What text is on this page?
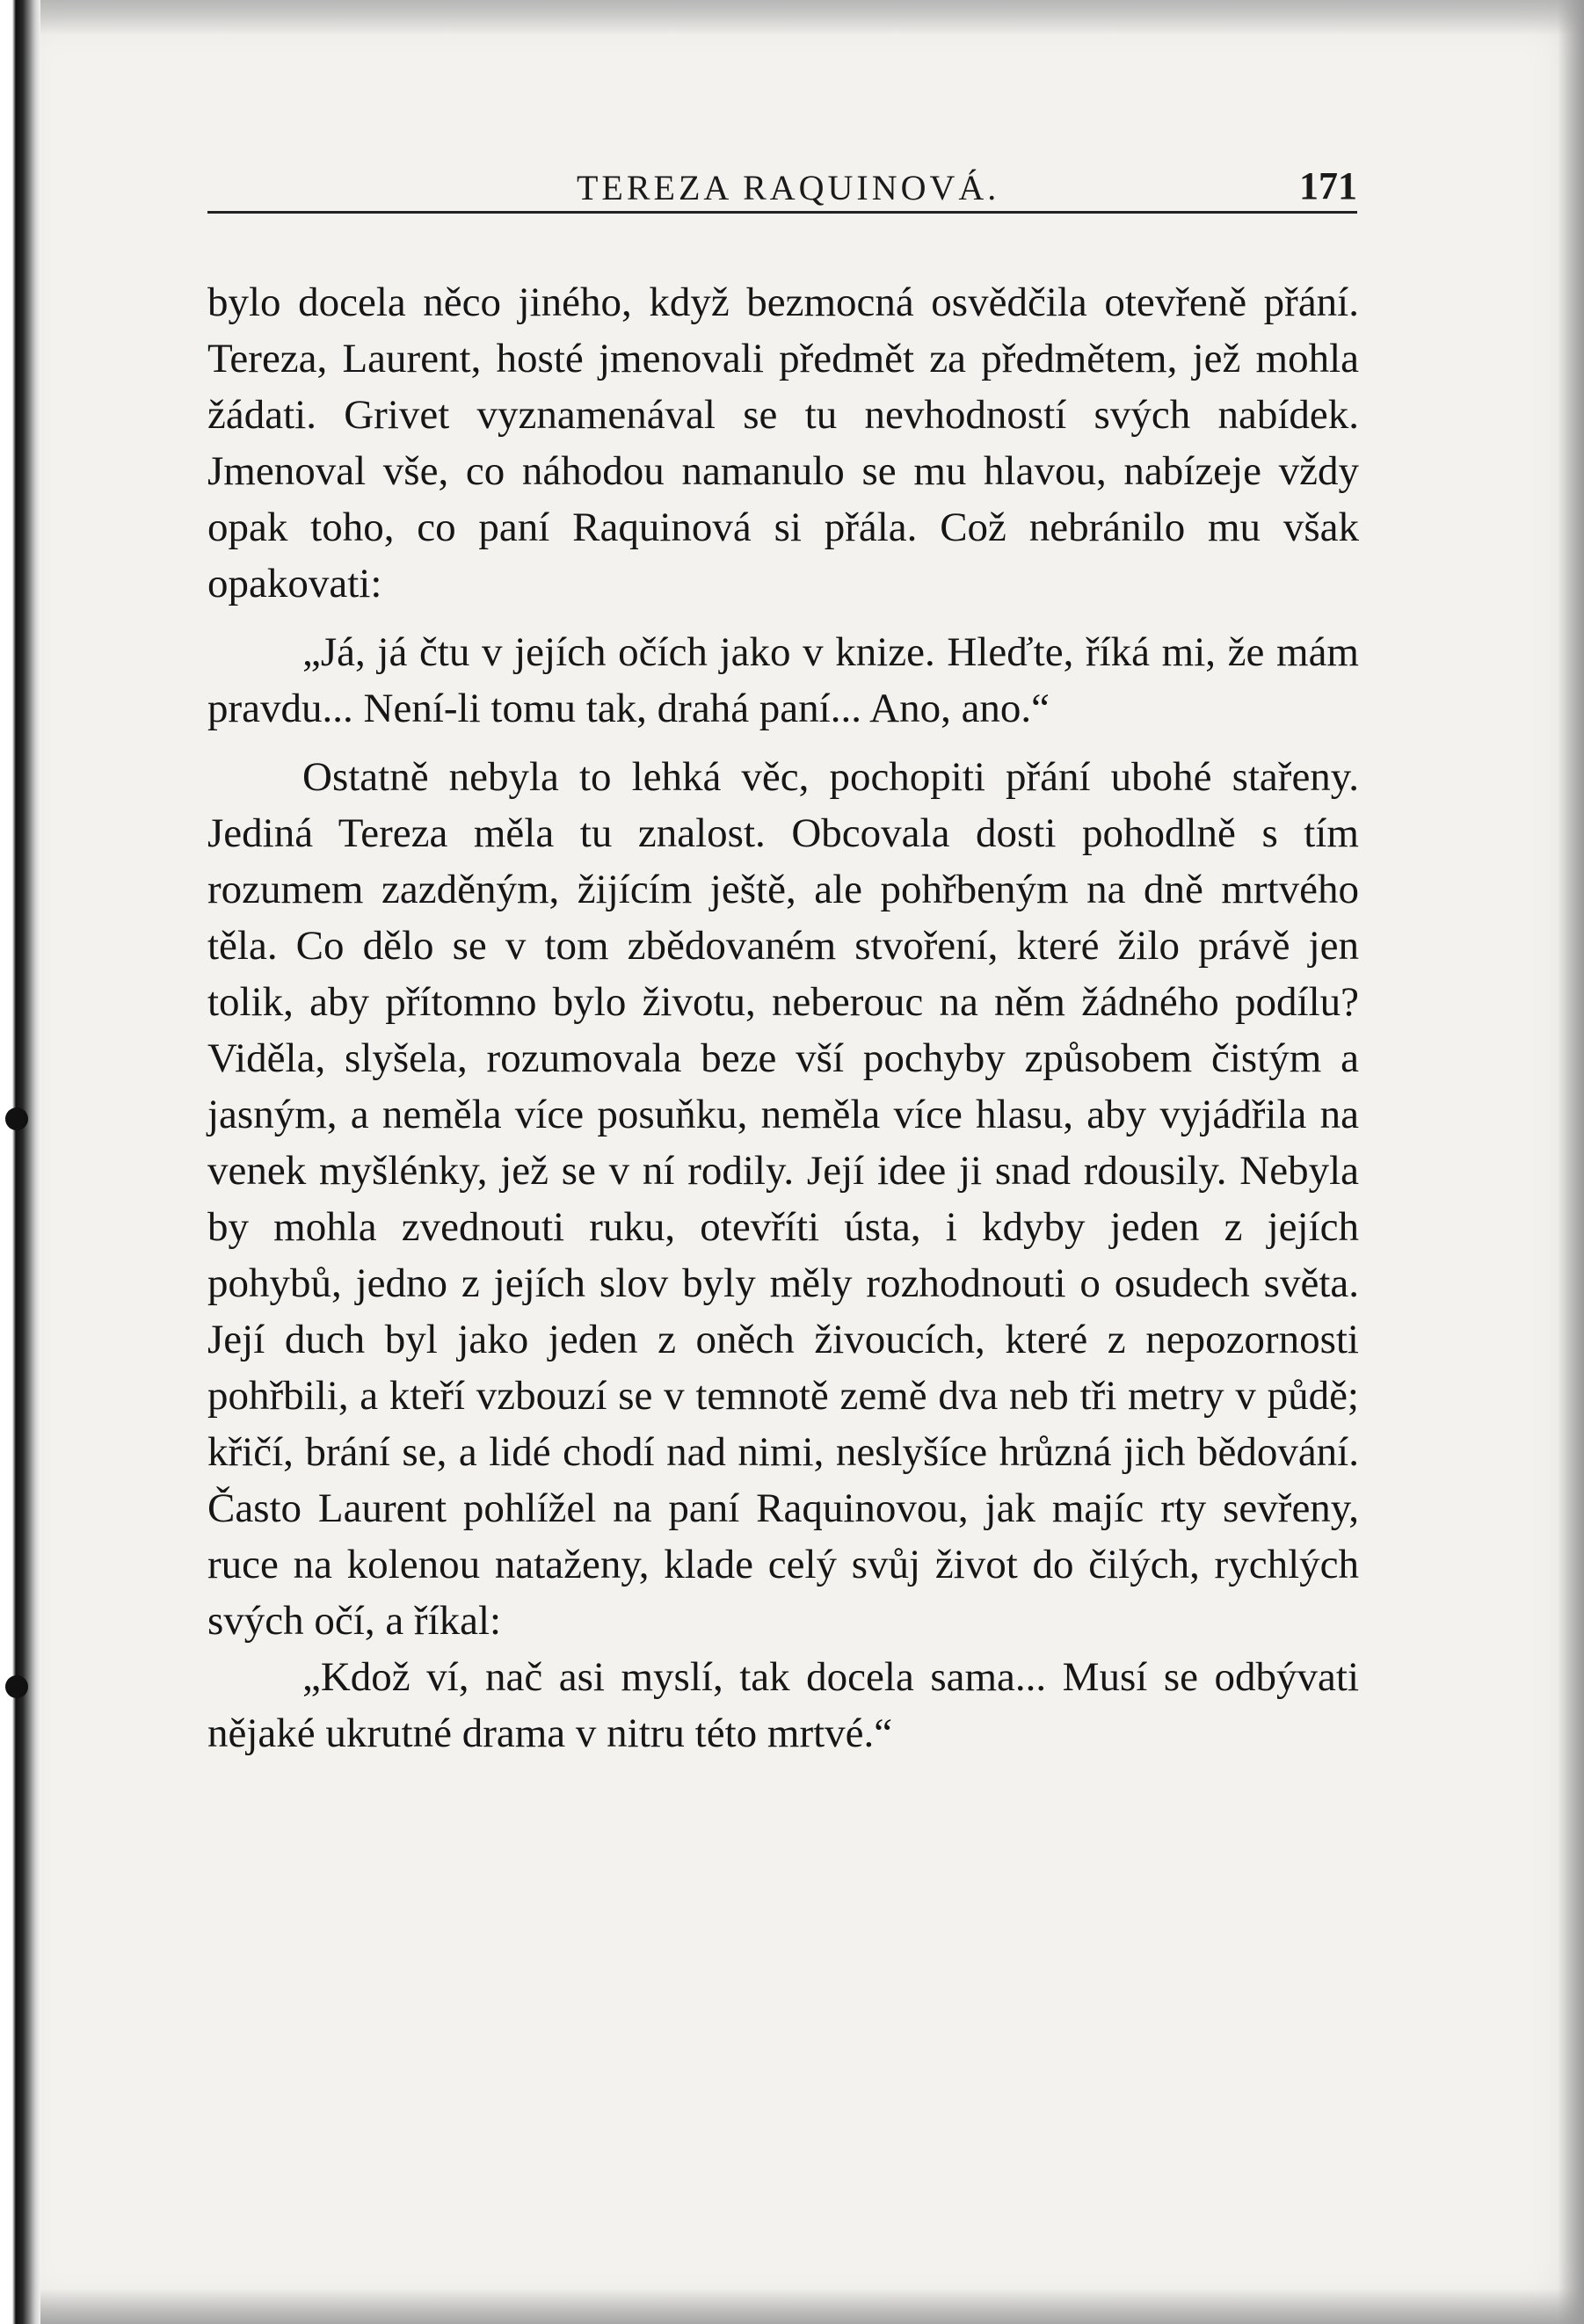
TEREZA RAQUINOVÁ.	171

bylo docela něco jiného, když bezmocná osvědčila otevřeně přání. Tereza, Laurent, hosté jmenovali předmět za předmětem, jež mohla žádati. Grivet vyznamenával se tu nevhodností svých nabídek. Jmenoval vše, co náhodou namanulo se mu hlavou, nabízeje vždy opak toho, co paní Raquinová si přála. Což nebránilo mu však opakovati:

„Já, já čtu v jejích očích jako v knize. Hleďte, říká mi, že mám pravdu... Není-li tomu tak, drahá paní... Ano, ano.“

Ostatně nebyla to lehká věc, pochopiti přání ubohé stařeny. Jediná Tereza měla tu znalost. Obcovala dosti pohodlně s tím rozumem zazděným, žijícím ještě, ale pohřbeným na dně mrtvého těla. Co dělo se v tom zbědovaném stvoření, které žilo právě jen tolik, aby přítomno bylo životu, neberouc na něm žádného podílu? Viděla, slyšela, rozumovala beze vší pochyby způsobem čistým a jasným, a neměla více posuňku, neměla více hlasu, aby vyjádřila na venek myšlénky, jež se v ní rodily. Její idee ji snad rdousily. Nebyla by mohla zvednouti ruku, otevříti ústa, i kdyby jeden z jejích pohybů, jedno z jejích slov byly měly rozhodnouti o osudech světa. Její duch byl jako jeden z oněch živoucích, které z nepozornosti pohřbili, a kteří vzbouzí se v temnotě země dva neb tři metry v půdě; křičí, brání se, a lidé chodí nad nimi, neslyšíce hrůzná jich bědování. Často Laurent pohlížel na paní Raquinovou, jak majíc rty sevřeny, ruce na kolenou nataženy, klade celý svůj život do čilých, rychlých svých očí, a říkal:

„Kdož ví, nač asi myslí, tak docela sama... Musí se odbývati nějaké ukrutné drama v nitru této mrtvé.“
